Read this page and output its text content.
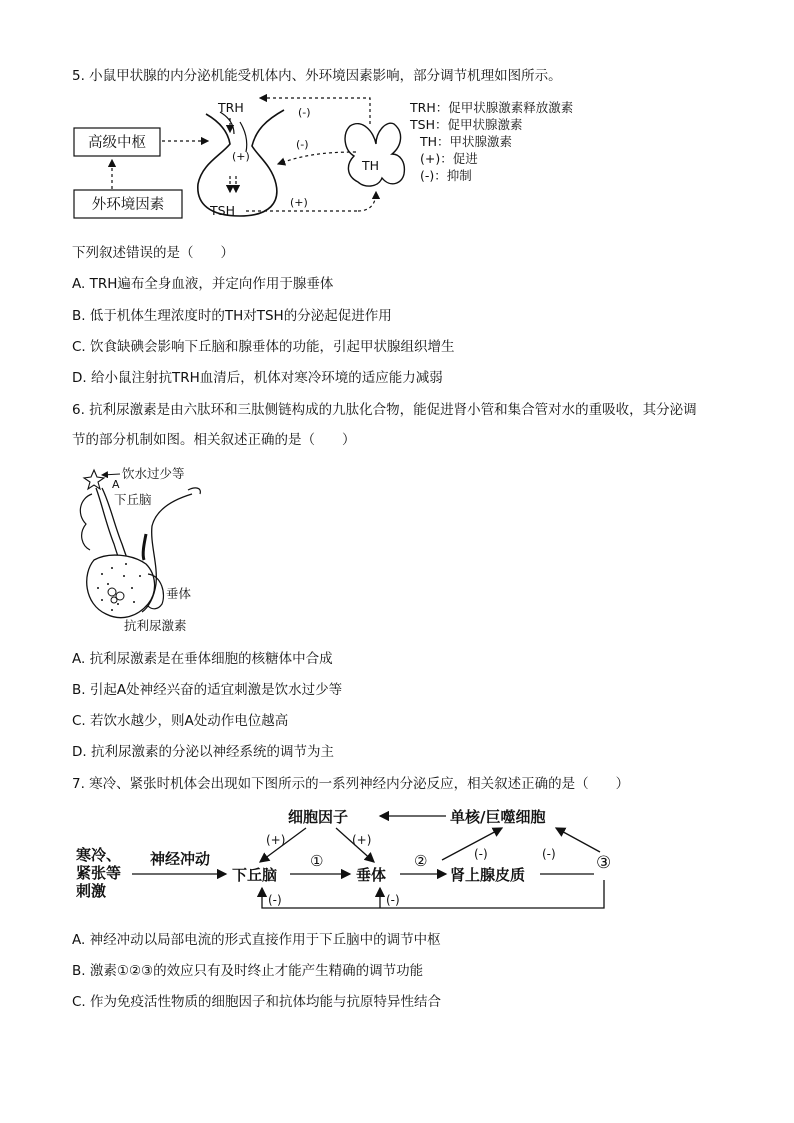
5. 小鼠甲状腺的内分泌机能受机体内、外环境因素影响，部分调节机理如图所示。
高级中枢
外环境因素
TRH
(+)
TSH
(+)
TH
(-)
(-)
TRH：促甲状腺激素释放激素
TSH：促甲状腺激素
TH：甲状腺激素
(+)：促进
(-)：抑制
下列叙述错误的是（　　）
A. TRH遍布全身血液，并定向作用于腺垂体
B. 低于机体生理浓度时的TH对TSH的分泌起促进作用
C. 饮食缺碘会影响下丘脑和腺垂体的功能，引起甲状腺组织增生
D. 给小鼠注射抗TRH血清后，机体对寒冷环境的适应能力减弱
6. 抗利尿激素是由六肽环和三肽侧链构成的九肽化合物，能促进肾小管和集合管对水的重吸收，其分泌调
节的部分机制如图。相关叙述正确的是（　　）
饮水过少等
A
下丘脑
垂体
抗利尿激素
A. 抗利尿激素是在垂体细胞的核糖体中合成
B. 引起A处神经兴奋的适宜刺激是饮水过少等
C. 若饮水越少，则A处动作电位越高
D. 抗利尿激素的分泌以神经系统的调节为主
7. 寒冷、紧张时机体会出现如下图所示的一系列神经内分泌反应，相关叙述正确的是（　　）
寒冷、
紧张等
刺激
神经冲动
下丘脑
①
垂体
②
肾上腺皮质
③
细胞因子	单核/巨噬细胞
(+)	(+)
(-)	(-)
(-)	(-)
A. 神经冲动以局部电流的形式直接作用于下丘脑中的调节中枢
B. 激素①②③的效应只有及时终止才能产生精确的调节功能
C. 作为免疫活性物质的细胞因子和抗体均能与抗原特异性结合
